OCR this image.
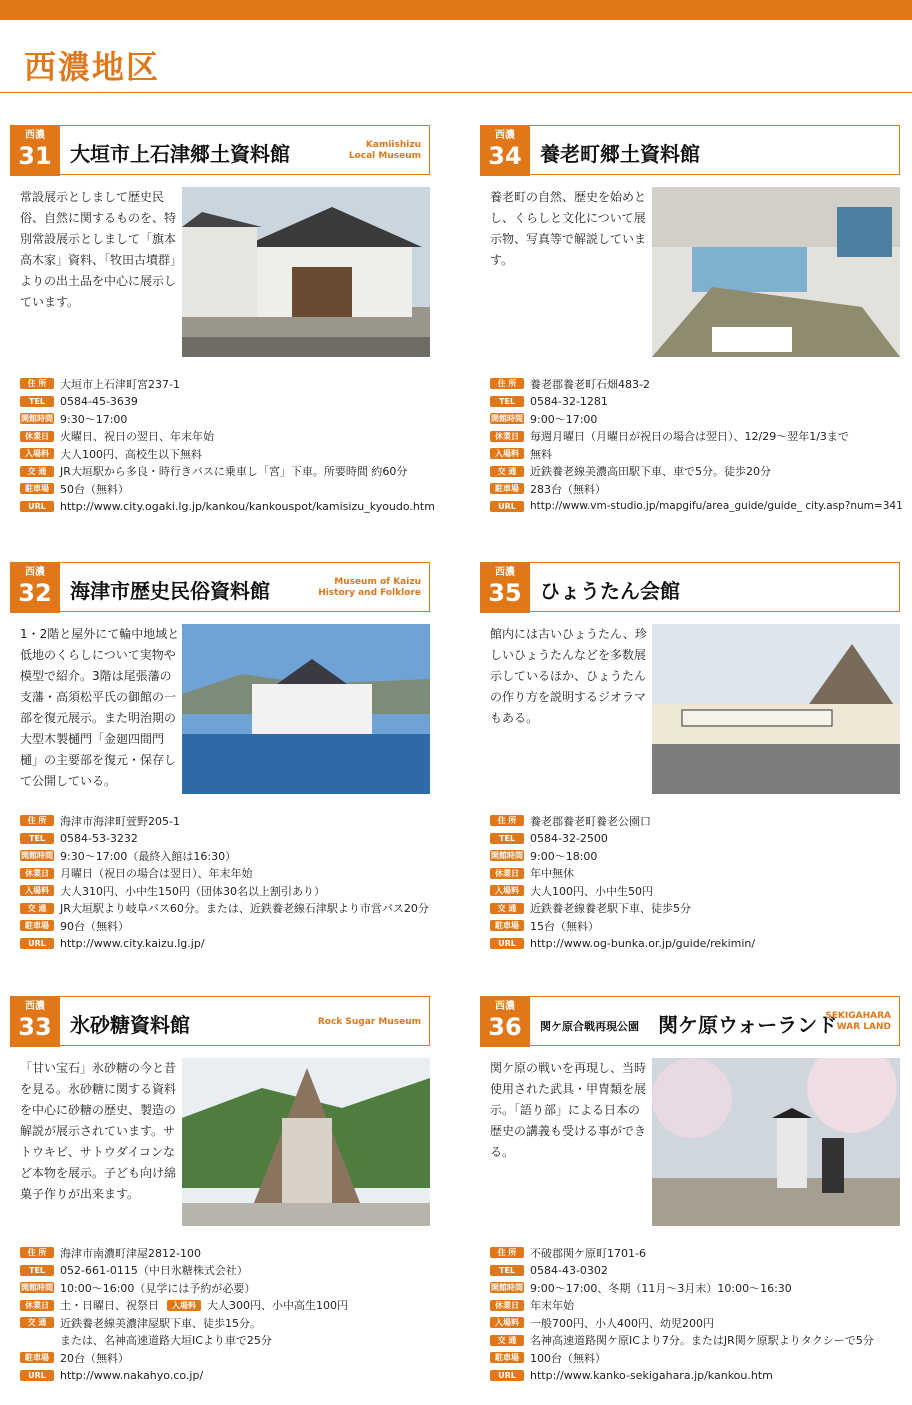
西濃地区
西濃
31 大垣市上石津郷土資料館	Kamiishizu
Local Museum
常設展示としまして歴史民俗、自然に関するものを、特別常設展示としまして「旗本 高木家」資料、「牧田古墳群」よりの出土品を中心に展示しています。
住 所	大垣市上石津町宮237-1
TEL	0584-45-3639
開館時間 9:30～17:00
休業日	火曜日、祝日の翌日、年末年始
入場料	大人100円、高校生以下無料
交 通	JR大垣駅から多良・時行きバスに乗車し「宮」下車。所要時間 約60分
駐車場	50台（無料）
URL	http://www.city.ogaki.lg.jp/kankou/kankouspot/kamisizu_kyoudo.htm
西濃
34 養老町郷土資料館
養老町の自然、歴史を始めとし、くらしと文化について展示物、写真等で解説しています。
住 所	養老郡養老町石畑483-2
TEL	0584-32-1281
開館時間 9:00～17:00
休業日	毎週月曜日（月曜日が祝日の場合は翌日）、12/29～翌年1/3まで
入場料	無料
交 通	近鉄養老線美濃高田駅下車、車で5分。徒歩20分
駐車場	283台（無料）
URL	http://www.vm-studio.jp/mapgifu/area_guide/guide_ city.asp?num=341
西濃
32 海津市歴史民俗資料館	Museum of Kaizu
History and Folklore
1・2階と屋外にて輪中地域と低地のくらしについて実物や模型で紹介。3階は尾張藩の支藩・高須松平氏の御館の一部を復元展示。また明治期の大型木製樋門「金廻四間門樋」の主要部を復元・保存して公開している。
住 所	海津市海津町萱野205-1
TEL	0584-53-3232
開館時間 9:30～17:00（最終入館は16:30）
休業日	月曜日（祝日の場合は翌日）、年末年始
入場料	大人310円、小中生150円（団体30名以上割引あり）
交 通	JR大垣駅より岐阜バス60分。または、近鉄養老線石津駅より市営バス20分
駐車場	90台（無料）
URL	http://www.city.kaizu.lg.jp/
西濃
35 ひょうたん会館
館内には古いひょうたん、珍しいひょうたんなどを多数展示しているほか、ひょうたんの作り方を説明するジオラマもある。
住 所	養老郡養老町養老公園口
TEL	0584-32-2500
開館時間 9:00～18:00
休業日	年中無休
入場料	大人100円、小中生50円
交 通	近鉄養老線養老駅下車、徒歩5分
駐車場	15台（無料）
URL	http://www.og-bunka.or.jp/guide/rekimin/
西濃
33 氷砂糖資料館	Rock Sugar Museum
「甘い宝石」氷砂糖の今と昔を見る。氷砂糖に関する資料を中心に砂糖の歴史、製造の解説が展示されています。サトウキビ、サトウダイコンなど本物を展示。子ども向け綿菓子作りが出来ます。
住 所	海津市南濃町津屋2812-100
TEL	052-661-0115（中日氷糖株式会社）
開館時間 10:00～16:00（見学には予約が必要）
休業日	土・日曜日、祝祭日	入場料	大人300円、小中高生100円
交 通	近鉄養老線美濃津屋駅下車、徒歩15分。
または、名神高速道路大垣ICより車で25分
駐車場	20台（無料）
URL	http://www.nakahyo.co.jp/
西濃
36	関ケ原合戦再現公園 関ケ原ウォーランド
SEKIGAHARA
WAR LAND
関ケ原の戦いを再現し、当時使用された武具・甲冑類を展示。「語り部」による日本の歴史の講義も受ける事ができる。
住 所	不破郡関ケ原町1701-6
TEL	0584-43-0302
開館時間 9:00～17:00、冬期（11月～3月末）10:00～16:30
休業日	年末年始
入場料	一般700円、小人400円、幼児200円
交 通	名神高速道路関ケ原ICより7分。またはJR関ケ原駅よりタクシーで5分
駐車場	100台（無料）
URL	http://www.kanko-sekigahara.jp/kankou.htm
